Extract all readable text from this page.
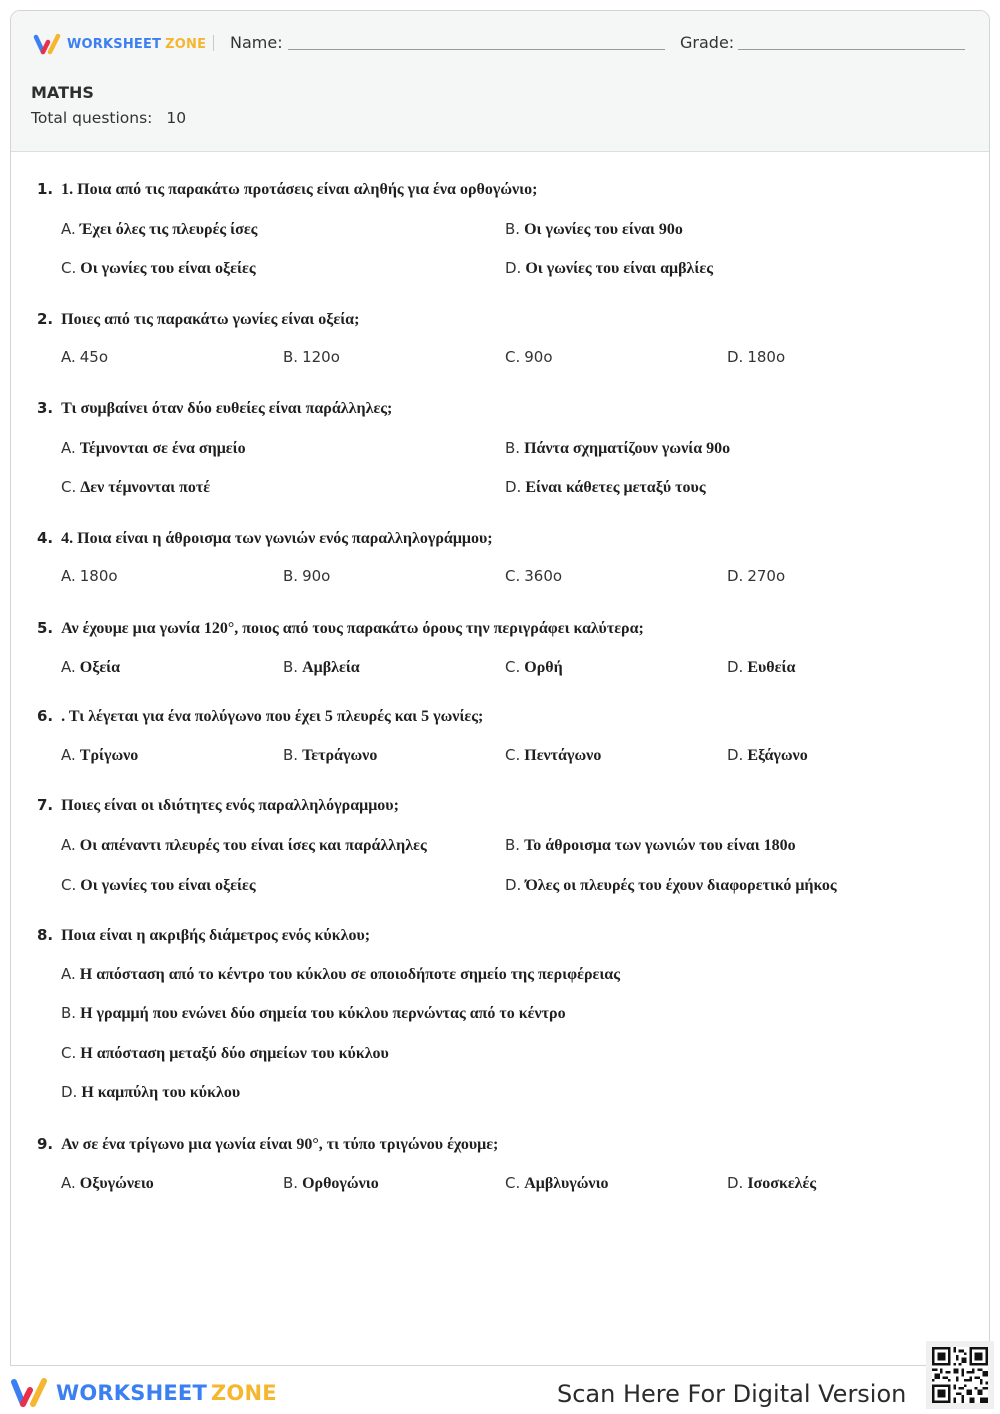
WORKSHEET ZONE Name:	Grade:
MATHS
Total questions: 10
1. 1. Ποια από τις παρακάτω προτάσεις είναι αληθής για ένα ορθογώνιο;
A. Έχει όλες τις πλευρές ίσες	B. Οι γωνίες του είναι 90ο
C. Οι γωνίες του είναι οξείες	D. Οι γωνίες του είναι αμβλίες
2. Ποιες από τις παρακάτω γωνίες είναι οξεία;
A. 45o	B. 120o	C. 90o	D. 180o
3. Τι συμβαίνει όταν δύο ευθείες είναι παράλληλες;
A. Τέμνονται σε ένα σημείο	B. Πάντα σχηματίζουν γωνία 90ο
C. Δεν τέμνονται ποτέ	D. Είναι κάθετες μεταξύ τους
4. 4. Ποια είναι η άθροισμα των γωνιών ενός παραλληλογράμμου;
A. 180o	B. 90o	C. 360o	D. 270o
5. Αν έχουμε μια γωνία 120°, ποιος από τους παρακάτω όρους την περιγράφει καλύτερα;
A. Οξεία	B. Αμβλεία	C. Ορθή	D. Ευθεία
6. . Τι λέγεται για ένα πολύγωνο που έχει 5 πλευρές και 5 γωνίες;
A. Τρίγωνο	B. Τετράγωνο	C. Πεντάγωνο	D. Εξάγωνο
7. Ποιες είναι οι ιδιότητες ενός παραλληλόγραμμου;
A. Οι απέναντι πλευρές του είναι ίσες και παράλληλες	B. Το άθροισμα των γωνιών του είναι 180ο
C. Οι γωνίες του είναι οξείες	D. Όλες οι πλευρές του έχουν διαφορετικό μήκος
8. Ποια είναι η ακριβής διάμετρος ενός κύκλου;
A. Η απόσταση από το κέντρο του κύκλου σε οποιοδήποτε σημείο της περιφέρειας
B. Η γραμμή που ενώνει δύο σημεία του κύκλου περνώντας από το κέντρο
C. Η απόσταση μεταξύ δύο σημείων του κύκλου
D. Η καμπύλη του κύκλου
9. Αν σε ένα τρίγωνο μια γωνία είναι 90°, τι τύπο τριγώνου έχουμε;
A. Οξυγώνειο	B. Ορθογώνιο	C. Αμβλυγώνιο	D. Ισοσκελές
WORKSHEET ZONE	Scan Here For Digital Version
